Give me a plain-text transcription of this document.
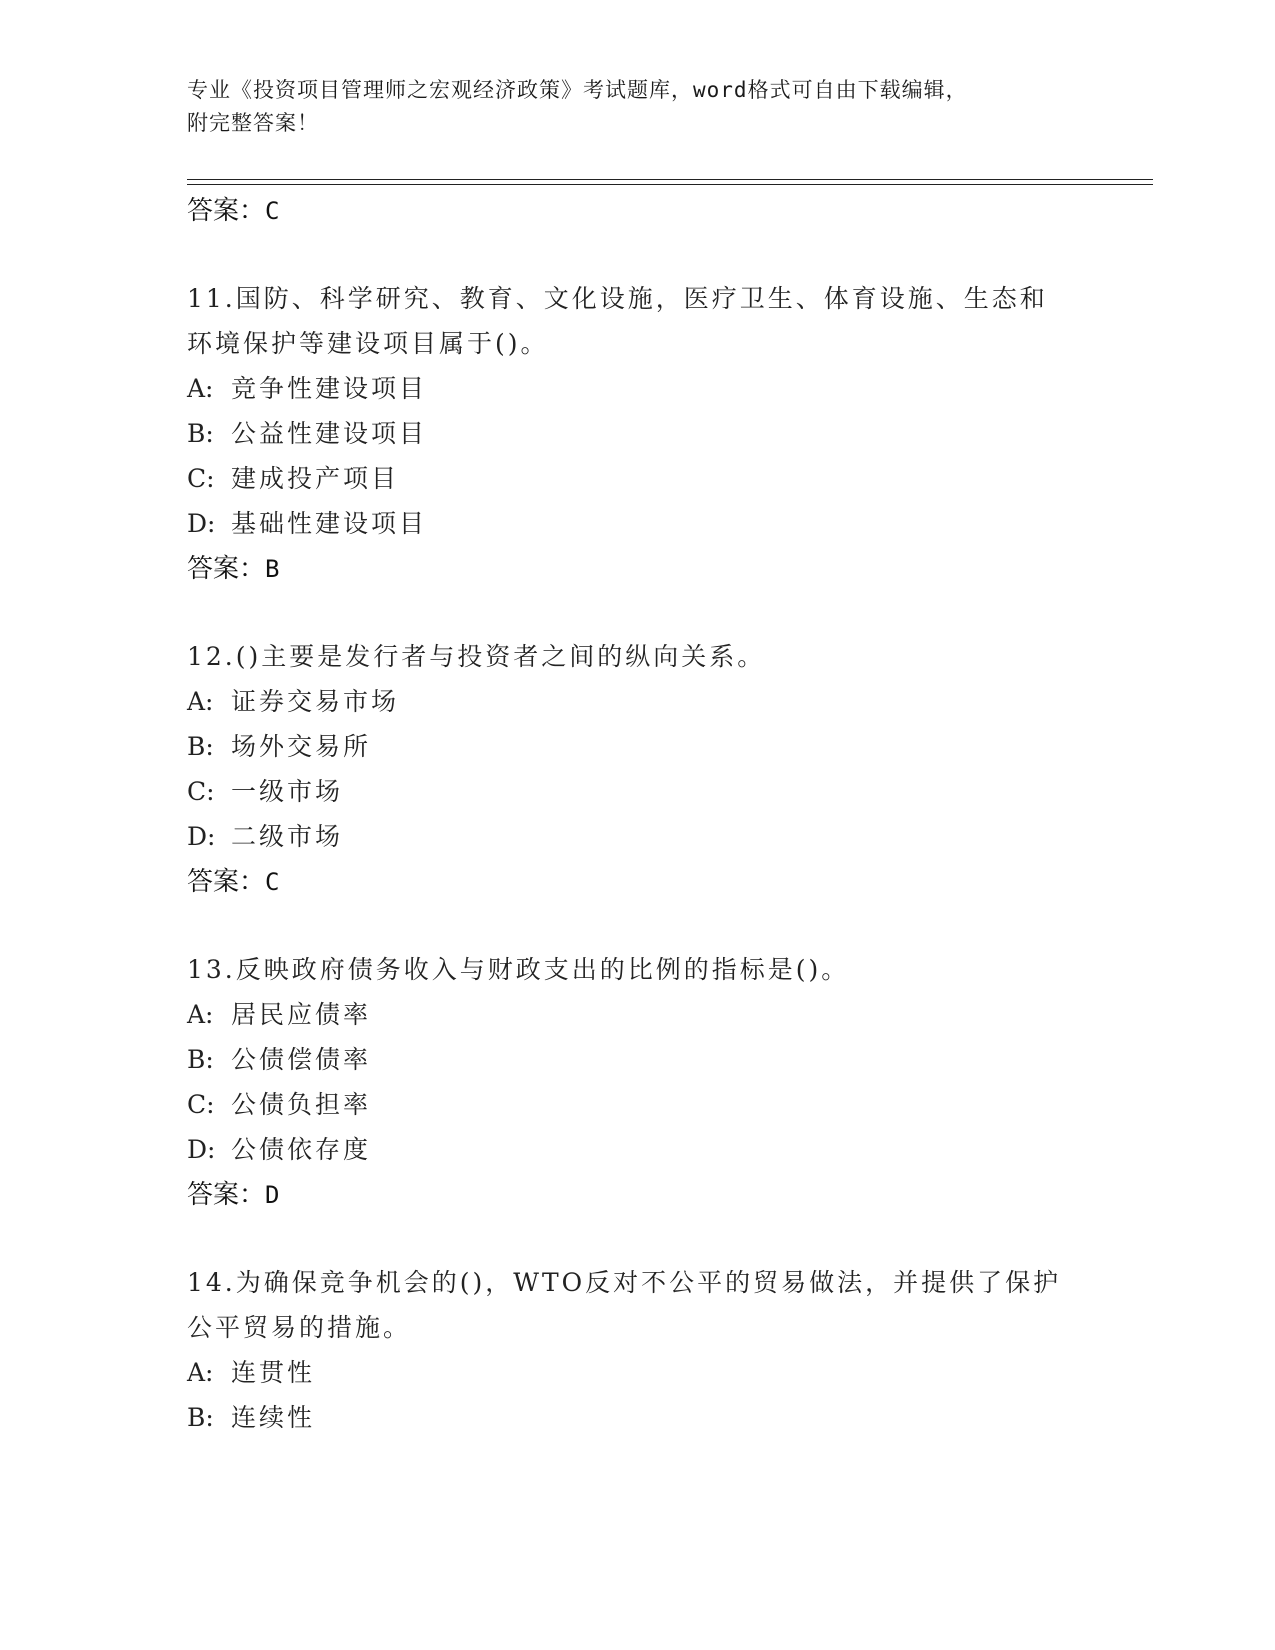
专业《投资项目管理师之宏观经济政策》考试题库，word格式可自由下载编辑，
附完整答案！
答案：C
11.国防、科学研究、教育、文化设施，医疗卫生、体育设施、生态和
环境保护等建设项目属于()。
A: 竞争性建设项目
B: 公益性建设项目
C: 建成投产项目
D: 基础性建设项目
答案：B
12.()主要是发行者与投资者之间的纵向关系。
A: 证券交易市场
B: 场外交易所
C: 一级市场
D: 二级市场
答案：C
13.反映政府债务收入与财政支出的比例的指标是()。
A: 居民应债率
B: 公债偿债率
C: 公债负担率
D: 公债依存度
答案：D
14.为确保竞争机会的()，WTO反对不公平的贸易做法，并提供了保护
公平贸易的措施。
A: 连贯性
B: 连续性
